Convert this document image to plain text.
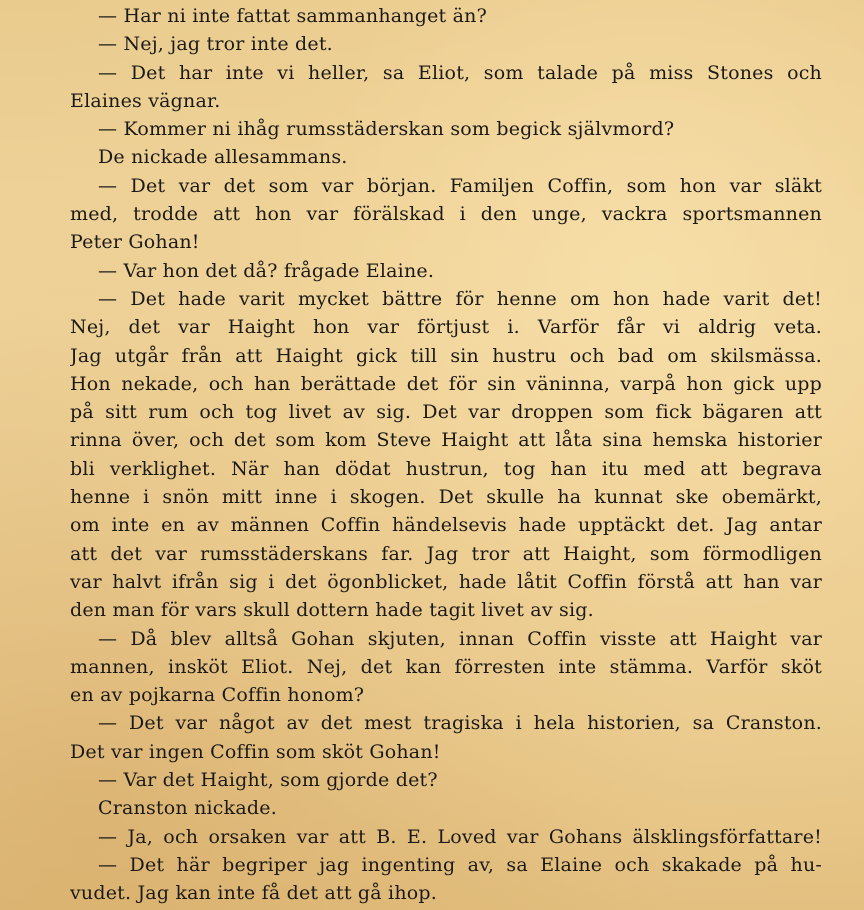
— Har ni inte fattat sammanhanget än?
— Nej, jag tror inte det.
— Det har inte vi heller, sa Eliot, som talade på miss Stones och
Elaines vägnar.
— Kommer ni ihåg rumsstäderskan som begick självmord?
De nickade allesammans.
— Det var det som var början. Familjen Coffin, som hon var släkt
med, trodde att hon var förälskad i den unge, vackra sportsmannen
Peter Gohan!
— Var hon det då? frågade Elaine.
— Det hade varit mycket bättre för henne om hon hade varit det!
Nej, det var Haight hon var förtjust i. Varför får vi aldrig veta.
Jag utgår från att Haight gick till sin hustru och bad om skilsmässa.
Hon nekade, och han berättade det för sin väninna, varpå hon gick upp
på sitt rum och tog livet av sig. Det var droppen som fick bägaren att
rinna över, och det som kom Steve Haight att låta sina hemska historier
bli verklighet. När han dödat hustrun, tog han itu med att begrava
henne i snön mitt inne i skogen. Det skulle ha kunnat ske obemärkt,
om inte en av männen Coffin händelsevis hade upptäckt det. Jag antar
att det var rumsstäderskans far. Jag tror att Haight, som förmodligen
var halvt ifrån sig i det ögonblicket, hade låtit Coffin förstå att han var
den man för vars skull dottern hade tagit livet av sig.
— Då blev alltså Gohan skjuten, innan Coffin visste att Haight var
mannen, insköt Eliot. Nej, det kan förresten inte stämma. Varför sköt
en av pojkarna Coffin honom?
— Det var något av det mest tragiska i hela historien, sa Cranston.
Det var ingen Coffin som sköt Gohan!
— Var det Haight, som gjorde det?
Cranston nickade.
— Ja, och orsaken var att B. E. Loved var Gohans älsklingsförfattare!
— Det här begriper jag ingenting av, sa Elaine och skakade på hu-
vudet. Jag kan inte få det att gå ihop.
